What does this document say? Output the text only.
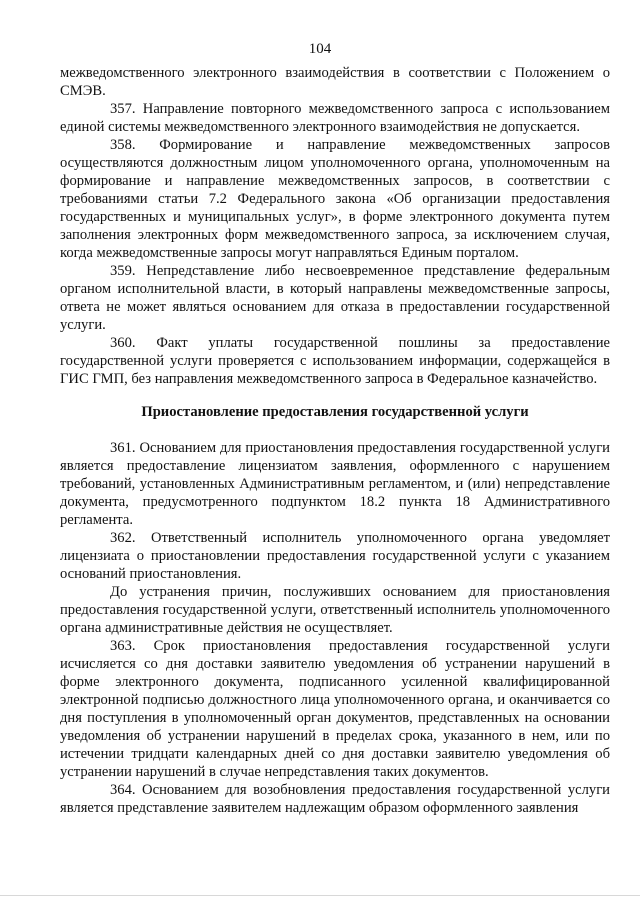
104

межведомственного электронного взаимодействия в соответствии с Положением о СМЭВ.

357. Направление повторного межведомственного запроса с использованием единой системы межведомственного электронного взаимодействия не допускается.

358. Формирование и направление межведомственных запросов осуществляются должностным лицом уполномоченного органа, уполномоченным на формирование и направление межведомственных запросов, в соответствии с требованиями статьи 7.2 Федерального закона «Об организации предоставления государственных и муниципальных услуг», в форме электронного документа путем заполнения электронных форм межведомственного запроса, за исключением случая, когда межведомственные запросы могут направляться Единым порталом.

359. Непредставление либо несвоевременное представление федеральным органом исполнительной власти, в который направлены межведомственные запросы, ответа не может являться основанием для отказа в предоставлении государственной услуги.

360. Факт уплаты государственной пошлины за предоставление государственной услуги проверяется с использованием информации, содержащейся в ГИС ГМП, без направления межведомственного запроса в Федеральное казначейство.

Приостановление предоставления государственной услуги

361. Основанием для приостановления предоставления государственной услуги является предоставление лицензиатом заявления, оформленного с нарушением требований, установленных Административным регламентом, и (или) непредставление документа, предусмотренного подпунктом 18.2 пункта 18 Административного регламента.

362. Ответственный исполнитель уполномоченного органа уведомляет лицензиата о приостановлении предоставления государственной услуги с указанием оснований приостановления.

До устранения причин, послуживших основанием для приостановления предоставления государственной услуги, ответственный исполнитель уполномоченного органа административные действия не осуществляет.

363. Срок приостановления предоставления государственной услуги исчисляется со дня доставки заявителю уведомления об устранении нарушений в форме электронного документа, подписанного усиленной квалифицированной электронной подписью должностного лица уполномоченного органа, и оканчивается со дня поступления в уполномоченный орган документов, представленных на основании уведомления об устранении нарушений в пределах срока, указанного в нем, или по истечении тридцати календарных дней со дня доставки заявителю уведомления об устранении нарушений в случае непредставления таких документов.

364. Основанием для возобновления предоставления государственной услуги является представление заявителем надлежащим образом оформленного заявления
